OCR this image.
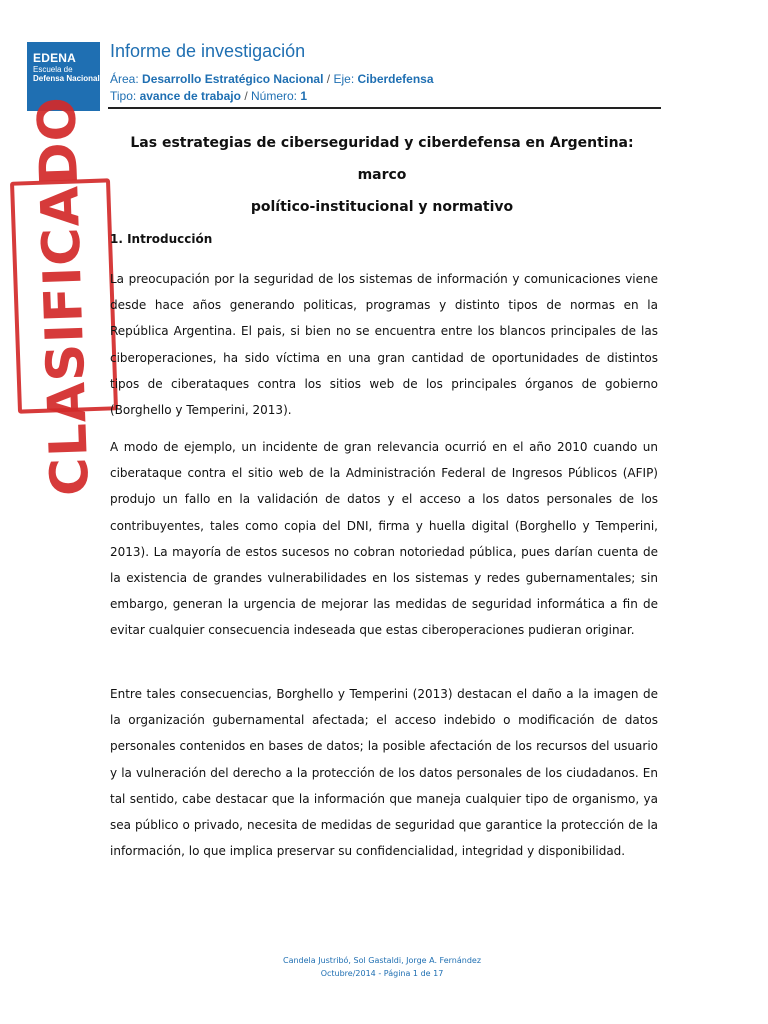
EDENA
Escuela de
Defensa Nacional
Informe de investigación
Área: Desarrollo Estratégico Nacional / Eje: Ciberdefensa
Tipo: avance de trabajo / Número: 1
CLASIFICADO	Las estrategias de ciberseguridad y ciberdefensa en Argentina: marco
político-institucional y normativo
1. Introducción

La preocupación por la seguridad de los sistemas de información y comunicaciones viene desde hace años generando politicas, programas y distinto tipos de normas en la República Argentina. El pais, si bien no se encuentra entre los blancos principales de las ciberoperaciones, ha sido víctima en una gran cantidad de oportunidades de distintos tipos de ciberataques contra los sitios web de los principales órganos de gobierno (Borghello y Temperini, 2013).

A modo de ejemplo, un incidente de gran relevancia ocurrió en el año 2010 cuando un ciberataque contra el sitio web de la Administración Federal de Ingresos Públicos (AFIP) produjo un fallo en la validación de datos y el acceso a los datos personales de los contribuyentes, tales como copia del DNI, firma y huella digital (Borghello y Temperini, 2013). La mayoría de estos sucesos no cobran notoriedad pública, pues darían cuenta de la existencia de grandes vulnerabilidades en los sistemas y redes gubernamentales; sin embargo, generan la urgencia de mejorar las medidas de seguridad informática a fin de evitar cualquier consecuencia indeseada que estas ciberoperaciones pudieran originar.

Entre tales consecuencias, Borghello y Temperini (2013) destacan el daño a la imagen de la organización gubernamental afectada; el acceso indebido o modificación de datos personales contenidos en bases de datos; la posible afectación de los recursos del usuario y la vulneración del derecho a la protección de los datos personales de los ciudadanos. En tal sentido, cabe destacar que la información que maneja cualquier tipo de organismo, ya sea público o privado, necesita de medidas de seguridad que garantice la protección de la información, lo que implica preservar su confidencialidad, integridad y disponibilidad.

Candela Justribó, Sol Gastaldi, Jorge A. Fernández
Octubre/2014 - Página 1 de 17
